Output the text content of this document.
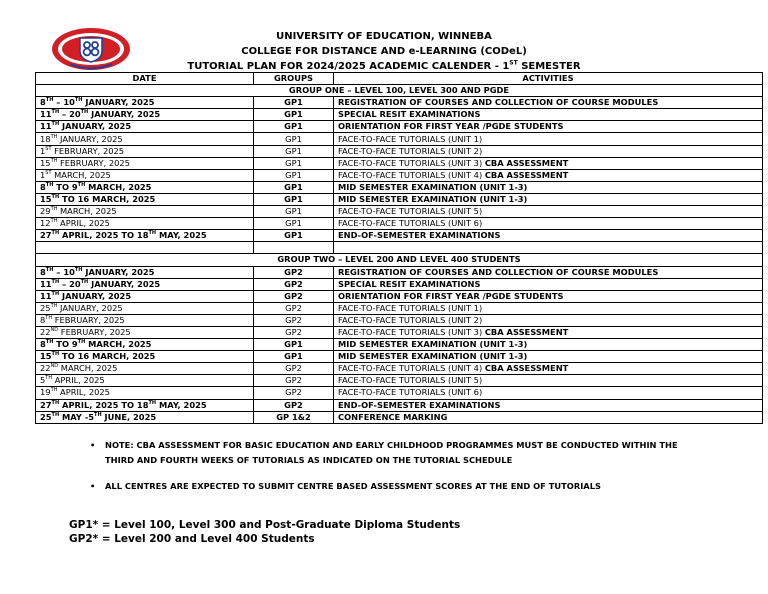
UNIVERSITY OF EDUCATION, WINNEBA
COLLEGE FOR DISTANCE AND e-LEARNING (CODeL)
TUTORIAL PLAN FOR 2024/2025 ACADEMIC CALENDER - 1ST SEMESTER
DATE	GROUPS	ACTIVITIES
GROUP ONE – LEVEL 100, LEVEL 300 AND PGDE		
8TH – 10TH JANUARY, 2025	GP1	REGISTRATION OF COURSES AND COLLECTION OF COURSE MODULES
11TH – 20TH JANUARY, 2025	GP1	SPECIAL RESIT EXAMINATIONS
11TH JANUARY, 2025	GP1	ORIENTATION FOR FIRST YEAR /PGDE STUDENTS
18TH JANUARY, 2025	GP1	FACE-TO-FACE TUTORIALS (UNIT 1)
1ST FEBRUARY, 2025	GP1	FACE-TO-FACE TUTORIALS (UNIT 2)
15TH FEBRUARY, 2025	GP1	FACE-TO-FACE TUTORIALS (UNIT 3) CBA ASSESSMENT
1ST MARCH, 2025	GP1	FACE-TO-FACE TUTORIALS (UNIT 4) CBA ASSESSMENT
8TH TO 9TH MARCH, 2025	GP1	MID SEMESTER EXAMINATION (UNIT 1-3)
15TH TO 16 MARCH, 2025	GP1	MID SEMESTER EXAMINATION (UNIT 1-3)
29TH MARCH, 2025	GP1	FACE-TO-FACE TUTORIALS (UNIT 5)
12TH APRIL, 2025	GP1	FACE-TO-FACE TUTORIALS (UNIT 6)
27TH APRIL, 2025 TO 18TH MAY, 2025	GP1	END-OF-SEMESTER EXAMINATIONS

GROUP TWO – LEVEL 200 AND LEVEL 400 STUDENTS		
8TH – 10TH JANUARY, 2025	GP2	REGISTRATION OF COURSES AND COLLECTION OF COURSE MODULES
11TH – 20TH JANUARY, 2025	GP2	SPECIAL RESIT EXAMINATIONS
11TH JANUARY, 2025	GP2	ORIENTATION FOR FIRST YEAR /PGDE STUDENTS
25TH JANUARY, 2025	GP2	FACE-TO-FACE TUTORIALS (UNIT 1)
8TH FEBRUARY, 2025	GP2	FACE-TO-FACE TUTORIALS (UNIT 2)
22ND FEBRUARY, 2025	GP2	FACE-TO-FACE TUTORIALS (UNIT 3) CBA ASSESSMENT
8TH TO 9TH MARCH, 2025	GP1	MID SEMESTER EXAMINATION (UNIT 1-3)
15TH TO 16 MARCH, 2025	GP1	MID SEMESTER EXAMINATION (UNIT 1-3)
22ND MARCH, 2025	GP2	FACE-TO-FACE TUTORIALS (UNIT 4) CBA ASSESSMENT
5TH APRIL, 2025	GP2	FACE-TO-FACE TUTORIALS (UNIT 5)
19TH APRIL, 2025	GP2	FACE-TO-FACE TUTORIALS (UNIT 6)
27TH APRIL, 2025 TO 18TH MAY, 2025	GP2	END-OF-SEMESTER EXAMINATIONS
25TH MAY -5TH JUNE, 2025	GP 1&2	CONFERENCE MARKING
• NOTE: CBA ASSESSMENT FOR BASIC EDUCATION AND EARLY CHILDHOOD PROGRAMMES MUST BE CONDUCTED WITHIN THE THIRD AND FOURTH WEEKS OF TUTORIALS AS INDICATED ON THE TUTORIAL SCHEDULE
• ALL CENTRES ARE EXPECTED TO SUBMIT CENTRE BASED ASSESSMENT SCORES AT THE END OF TUTORIALS
GP1* = Level 100, Level 300 and Post-Graduate Diploma Students
GP2* = Level 200 and Level 400 Students
